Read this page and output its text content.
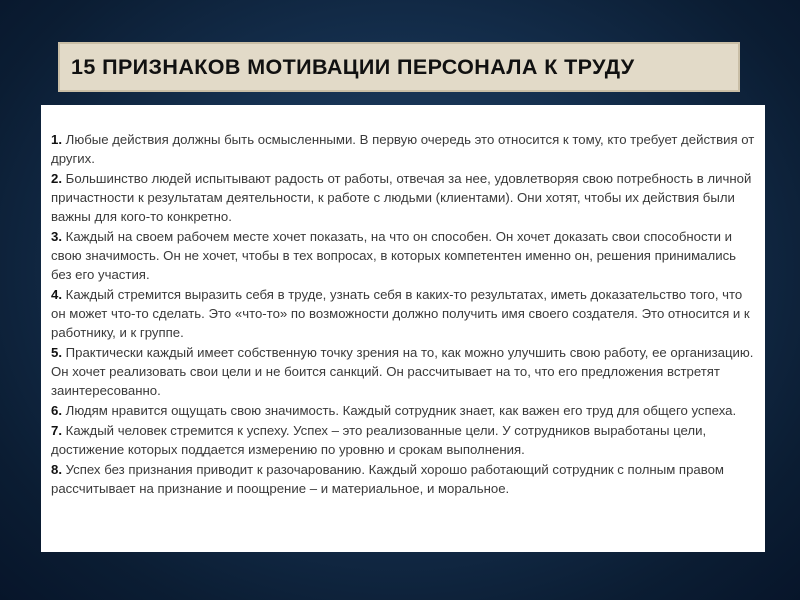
15 ПРИЗНАКОВ МОТИВАЦИИ ПЕРСОНАЛА К ТРУДУ

1. Любые действия должны быть осмысленными. В первую очередь это относится к тому, кто требует действия от других.

2. Большинство людей испытывают радость от работы, отвечая за нее, удовлетворяя свою потребность в личной причастности к результатам деятельности, к работе с людьми (клиентами). Они хотят, чтобы их действия были важны для кого-то конкретно.

3. Каждый на своем рабочем месте хочет показать, на что он способен. Он хочет доказать свои способности и свою значимость. Он не хочет, чтобы в тех вопросах, в которых компетентен именно он, решения принимались без его участия.

4. Каждый стремится выразить себя в труде, узнать себя в каких-то результатах, иметь доказательство того, что он может что-то сделать. Это «что-то» по возможности должно получить имя своего создателя. Это относится и к работнику, и к группе.

5. Практически каждый имеет собственную точку зрения на то, как можно улучшить свою работу, ее организацию. Он хочет реализовать свои цели и не боится санкций. Он рассчитывает на то, что его предложения встретят заинтересованно.

6. Людям нравится ощущать свою значимость. Каждый сотрудник знает, как важен его труд для общего успеха.

7. Каждый человек стремится к успеху. Успех – это реализованные цели. У сотрудников выработаны цели, достижение которых поддается измерению по уровню и срокам выполнения.

8. Успех без признания приводит к разочарованию. Каждый хорошо работающий сотрудник с полным правом рассчитывает на признание и поощрение – и материальное, и моральное.
